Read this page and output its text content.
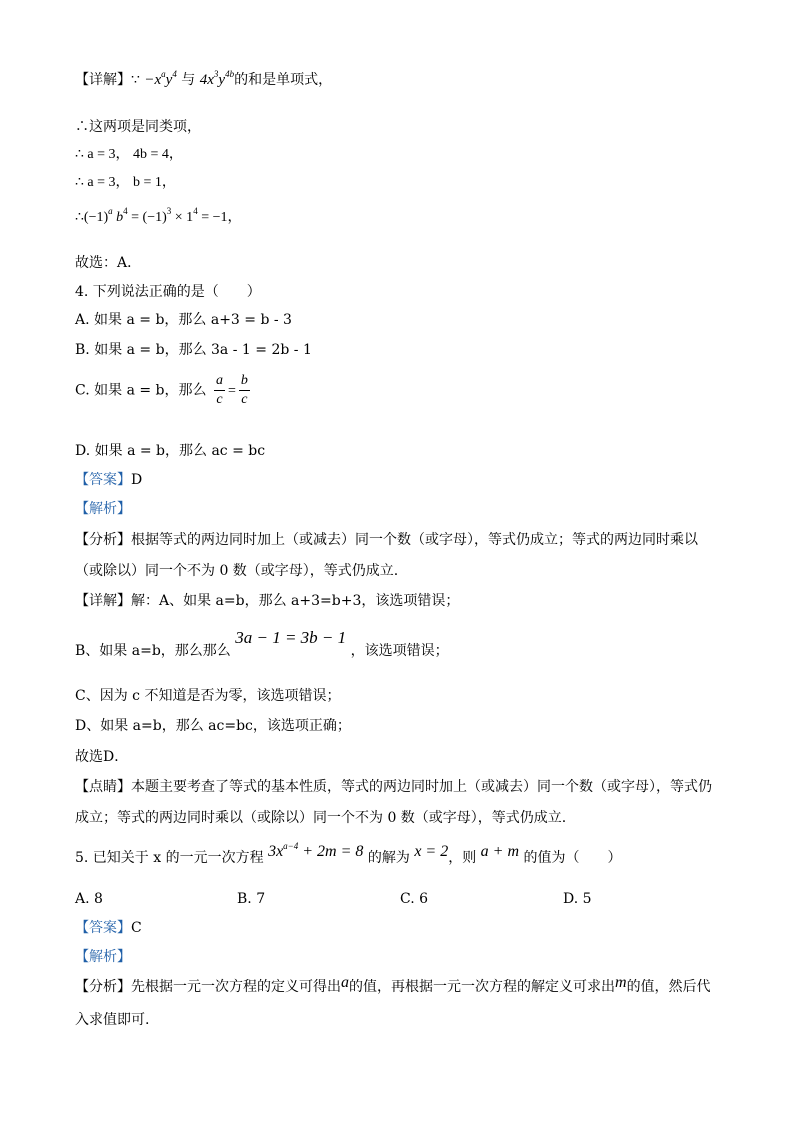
【详解】∵ $-x^ay^4$ 与 $4x^3y^{4b}$的和是单项式，
∴这两项是同类项，
∴ a = 3， 4b = 4，
∴ a = 3， b = 1，
$\therefore(-1)^a$ $b^4 = (-1)^3 \times 1^4 = -1$，
故选：A．
4. 下列说法正确的是（　　）
A. 如果 a = b，那么 a+3 = b - 3
B. 如果 a = b，那么 3a - 1 = 2b - 1
C. 如果 a = b，那么 $\frac{a}{c} = \frac{b}{c}$
D. 如果 a = b，那么 ac = bc
【答案】D
【解析】
【分析】根据等式的两边同时加上（或减去）同一个数（或字母），等式仍成立；等式的两边同时乘以
（或除以）同一个不为 0 数（或字母），等式仍成立.
【详解】解：A、如果 a=b，那么 a+3=b+3，该选项错误；
B、如果 a=b，那么那么 3a − 1 = 3b − 1 ，该选项错误；
C、因为 c 不知道是否为零，该选项错误；
D、如果 a=b，那么 ac=bc，该选项正确；
故选D．
【点睛】本题主要考查了等式的基本性质，等式的两边同时加上（或减去）同一个数（或字母），等式仍
成立；等式的两边同时乘以（或除以）同一个不为 0 数（或字母），等式仍成立.
5. 已知关于 x 的一元一次方程 $3x^{a-4} + 2m = 8$ 的解为 x = 2，则 a + m 的值为（　　）
A. 8	B. 7	C. 6	D. 5
【答案】C
【解析】
【分析】先根据一元一次方程的定义可得出a的值，再根据一元一次方程的解定义可求出m的值，然后代
入求值即可.
